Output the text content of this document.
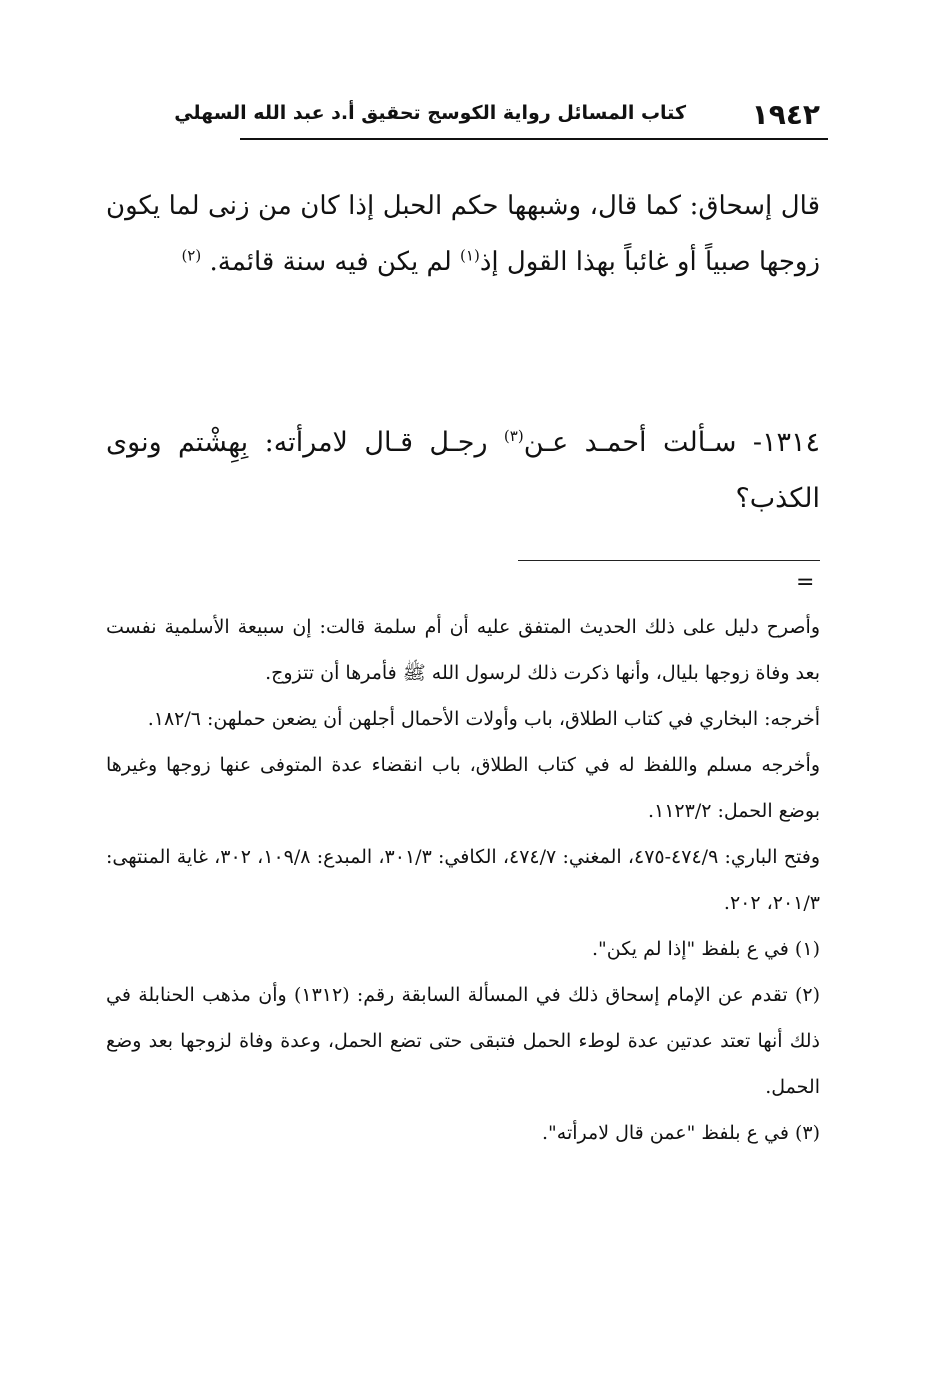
١٩٤٢
كتاب المسائل رواية الكوسج تحقيق أ.د عبد الله السهلي
قال إسحاق: كما قال، وشبهها حكم الحبل إذا كان من زنى لما يكون زوجها صبياً أو غائباً بهذا القول إذ$^{(١)}$ لم يكن فيه سنة قائمة. $^{(٢)}$
١٣١٤- سـألت أحمـد عـن$^{(٣)}$ رجـل قـال لامرأته: بِهِشْتم ونوى الكذب؟
=

وأصرح دليل على ذلك الحديث المتفق عليه أن أم سلمة قالت: إن سبيعة الأسلمية نفست بعد وفاة زوجها بليال، وأنها ذكرت ذلك لرسول الله ﷺ فأمرها أن تتزوج.

أخرجه: البخاري في كتاب الطلاق، باب وأولات الأحمال أجلهن أن يضعن حملهن: ١٨٢/٦.

وأخرجه مسلم واللفظ له في كتاب الطلاق، باب انقضاء عدة المتوفى عنها زوجها وغيرها بوضع الحمل: ١١٢٣/٢.

وفتح الباري: ٤٧٤/٩-٤٧٥، المغني: ٤٧٤/٧، الكافي: ٣٠١/٣، المبدع: ١٠٩/٨، ٣٠٢، غاية المنتهى: ٢٠١/٣، ٢٠٢.

(١) في ع بلفظ "إذا لم يكن".

(٢) تقدم عن الإمام إسحاق ذلك في المسألة السابقة رقم: (١٣١٢) وأن مذهب الحنابلة في ذلك أنها تعتد عدتين عدة لوطء الحمل فتبقى حتى تضع الحمل، وعدة وفاة لزوجها بعد وضع الحمل.

(٣) في ع بلفظ "عمن قال لامرأته".
